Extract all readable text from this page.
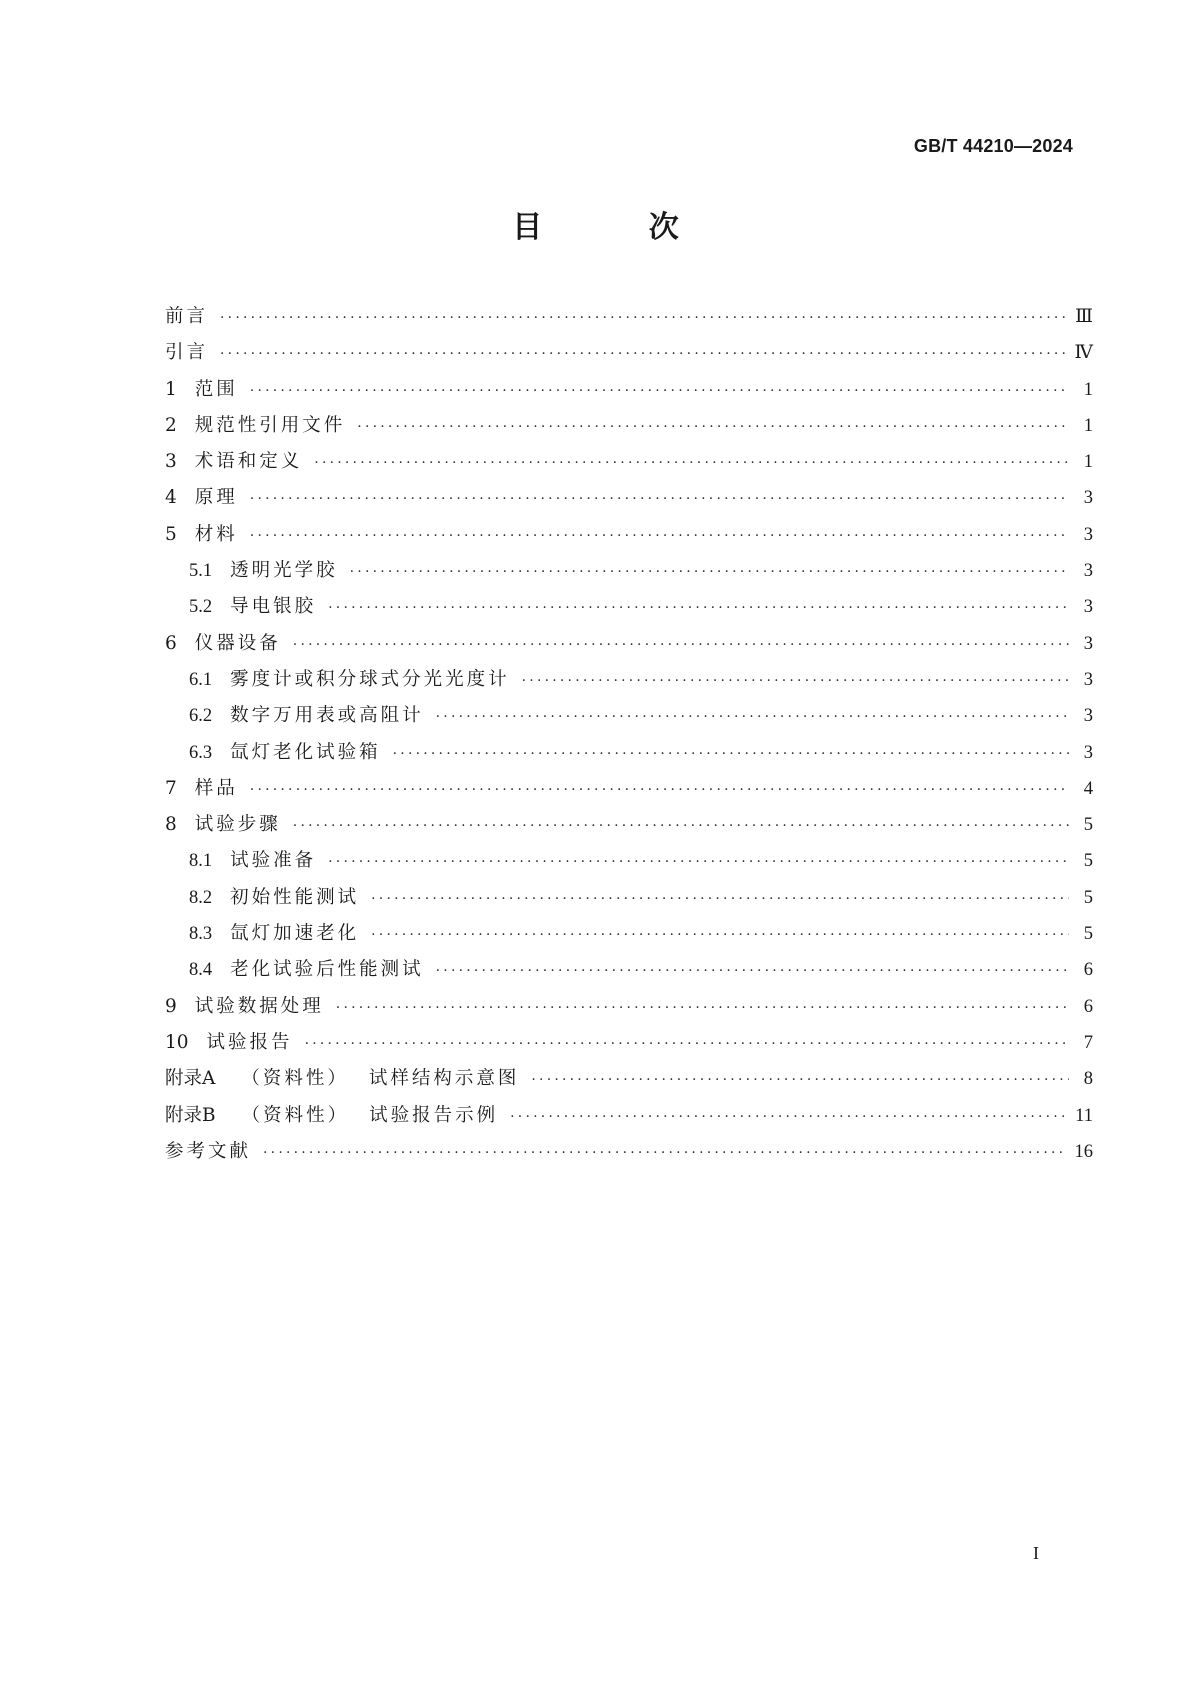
GB/T 44210—2024
目 次
前言 ·····	Ⅲ
引言 ·····	Ⅳ
1 范围 ·····	1
2 规范性引用文件 ·····	1
3 术语和定义 ·····	1
4 原理 ·····	3
5 材料 ·····	3
5.1 透明光学胶 ·····	3
5.2 导电银胶 ·····	3
6 仪器设备 ·····	3
6.1 雾度计或积分球式分光光度计 ·····	3
6.2 数字万用表或高阻计 ·····	3
6.3 氙灯老化试验箱 ·····	3
7 样品 ·····	4
8 试验步骤 ·····	5
8.1 试验准备 ·····	5
8.2 初始性能测试 ·····	5
8.3 氙灯加速老化 ·····	5
8.4 老化试验后性能测试 ·····	6
9 试验数据处理 ·····	6
10 试验报告 ·····	7
附录A （资料性） 试样结构示意图 ·····	8
附录B （资料性） 试验报告示例 ·····	11
参考文献 ·····	16
I
